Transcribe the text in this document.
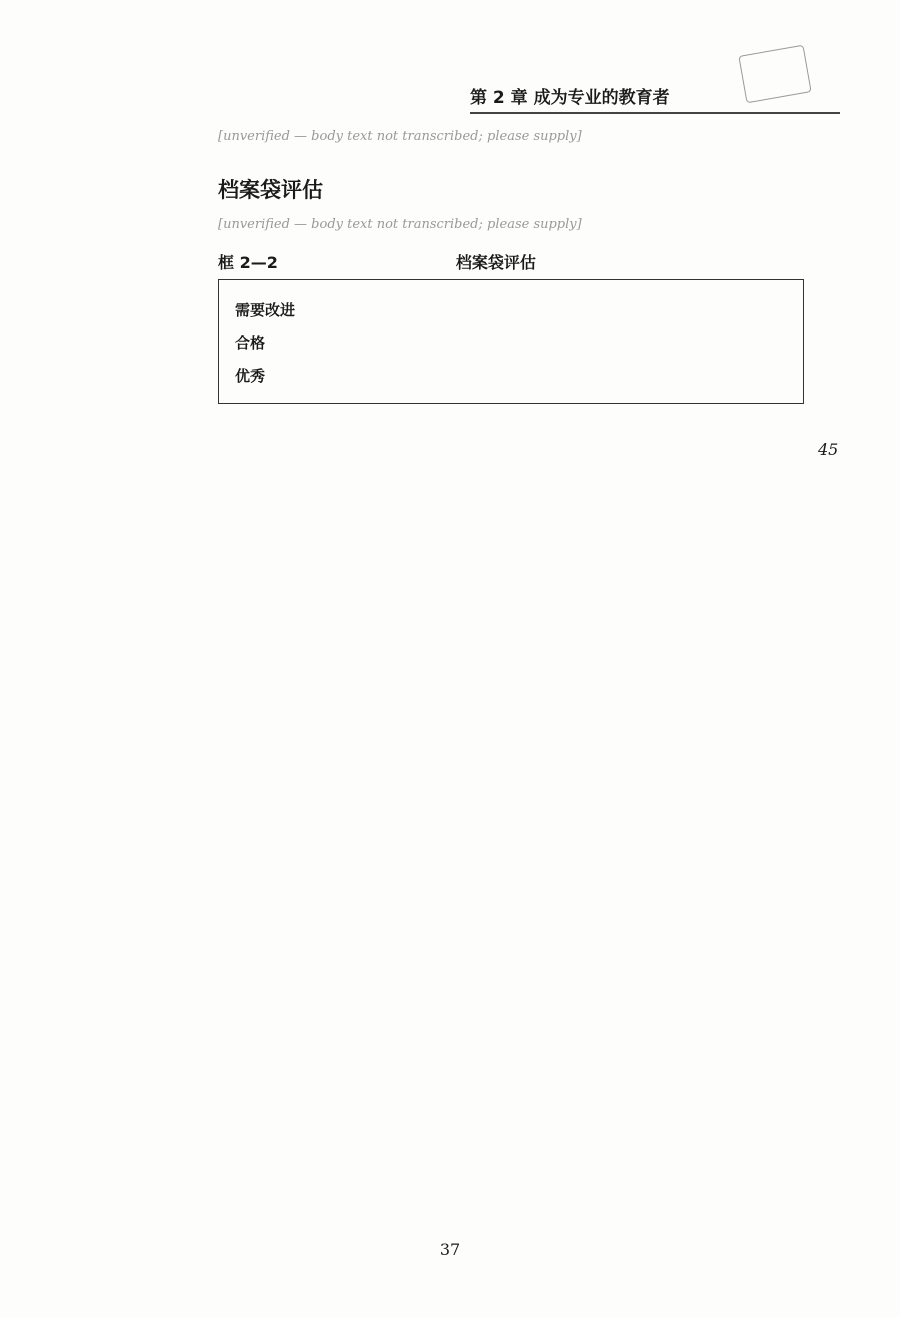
第 2 章 成为专业的教育者

[unverified — body text not transcribed; please supply]

档案袋评估

[unverified — body text not transcribed; please supply]

框 2—2	档案袋评估
需要改进
合格
优秀
45
37
